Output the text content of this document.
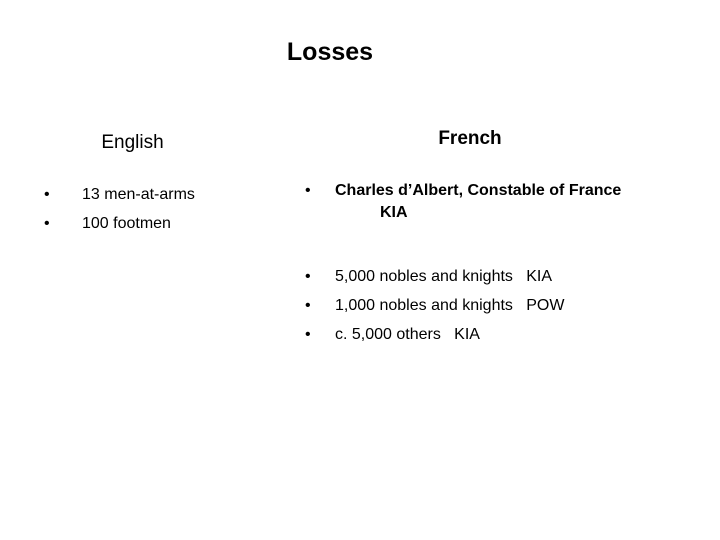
Losses
English	French
• 13 men-at-arms
• 100 footmen
• Charles d’Albert, Constable of France
KIA
• 5,000 nobles and knights   KIA
• 1,000 nobles and knights   POW
• c. 5,000 others   KIA
